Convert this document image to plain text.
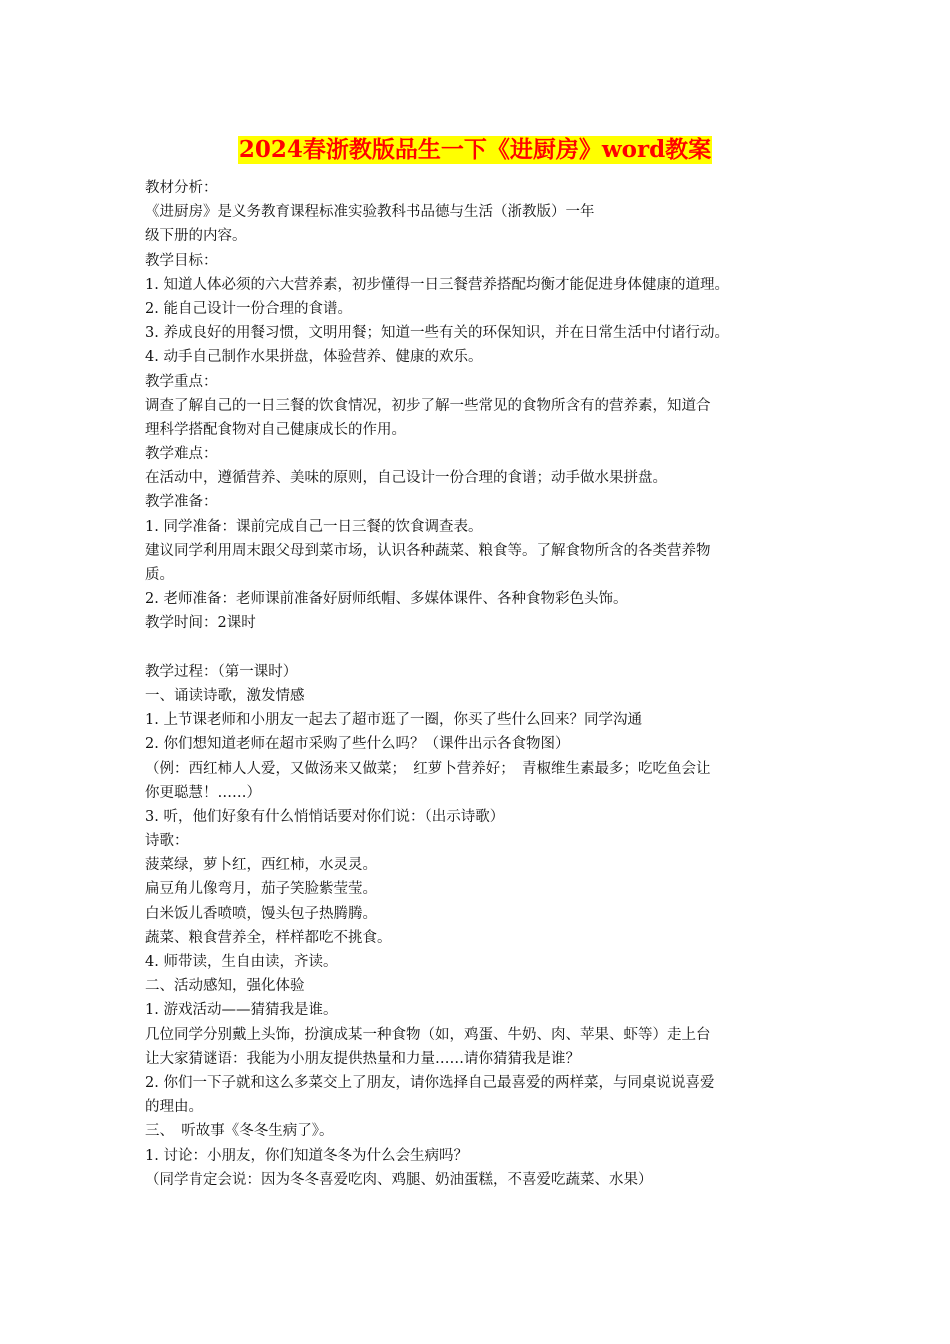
2024春浙教版品生一下《进厨房》word教案
教材分析：
《进厨房》是义务教育课程标准实验教科书品德与生活（浙教版）一年
级下册的内容。
教学目标：
1. 知道人体必须的六大营养素，初步懂得一日三餐营养搭配均衡才能促进身体健康的道理。
2. 能自己设计一份合理的食谱。
3. 养成良好的用餐习惯，文明用餐；知道一些有关的环保知识，并在日常生活中付诸行动。
4. 动手自己制作水果拼盘，体验营养、健康的欢乐。
教学重点：
调查了解自己的一日三餐的饮食情况，初步了解一些常见的食物所含有的营养素，知道合
理科学搭配食物对自己健康成长的作用。
教学难点：
在活动中，遵循营养、美味的原则，自己设计一份合理的食谱；动手做水果拼盘。
教学准备：
1. 同学准备：课前完成自己一日三餐的饮食调查表。
建议同学利用周末跟父母到菜市场，认识各种蔬菜、粮食等。了解食物所含的各类营养物
质。
2. 老师准备：老师课前准备好厨师纸帽、多媒体课件、各种食物彩色头饰。
教学时间：2课时
教学过程：（第一课时）
一、诵读诗歌，激发情感
1. 上节课老师和小朋友一起去了超市逛了一圈，你买了些什么回来？同学沟通
2. 你们想知道老师在超市采购了些什么吗？（课件出示各食物图）
（例：西红柿人人爱，又做汤来又做菜；　红萝卜营养好；　青椒维生素最多；吃吃鱼会让
你更聪慧！……）
3. 听，他们好象有什么悄悄话要对你们说：（出示诗歌）
诗歌：
菠菜绿，萝卜红，西红柿，水灵灵。
扁豆角儿像弯月，茄子笑脸紫莹莹。
白米饭儿香喷喷，馒头包子热腾腾。
蔬菜、粮食营养全，样样都吃不挑食。
4. 师带读，生自由读，齐读。
二、活动感知，强化体验
1. 游戏活动——猜猜我是谁。
几位同学分别戴上头饰，扮演成某一种食物（如，鸡蛋、牛奶、肉、苹果、虾等）走上台
让大家猜谜语：我能为小朋友提供热量和力量……请你猜猜我是谁？
2. 你们一下子就和这么多菜交上了朋友，请你选择自己最喜爱的两样菜，与同桌说说喜爱
的理由。
三、　听故事《冬冬生病了》。
1. 讨论：小朋友，你们知道冬冬为什么会生病吗？
（同学肯定会说：因为冬冬喜爱吃肉、鸡腿、奶油蛋糕，不喜爱吃蔬菜、水果）
